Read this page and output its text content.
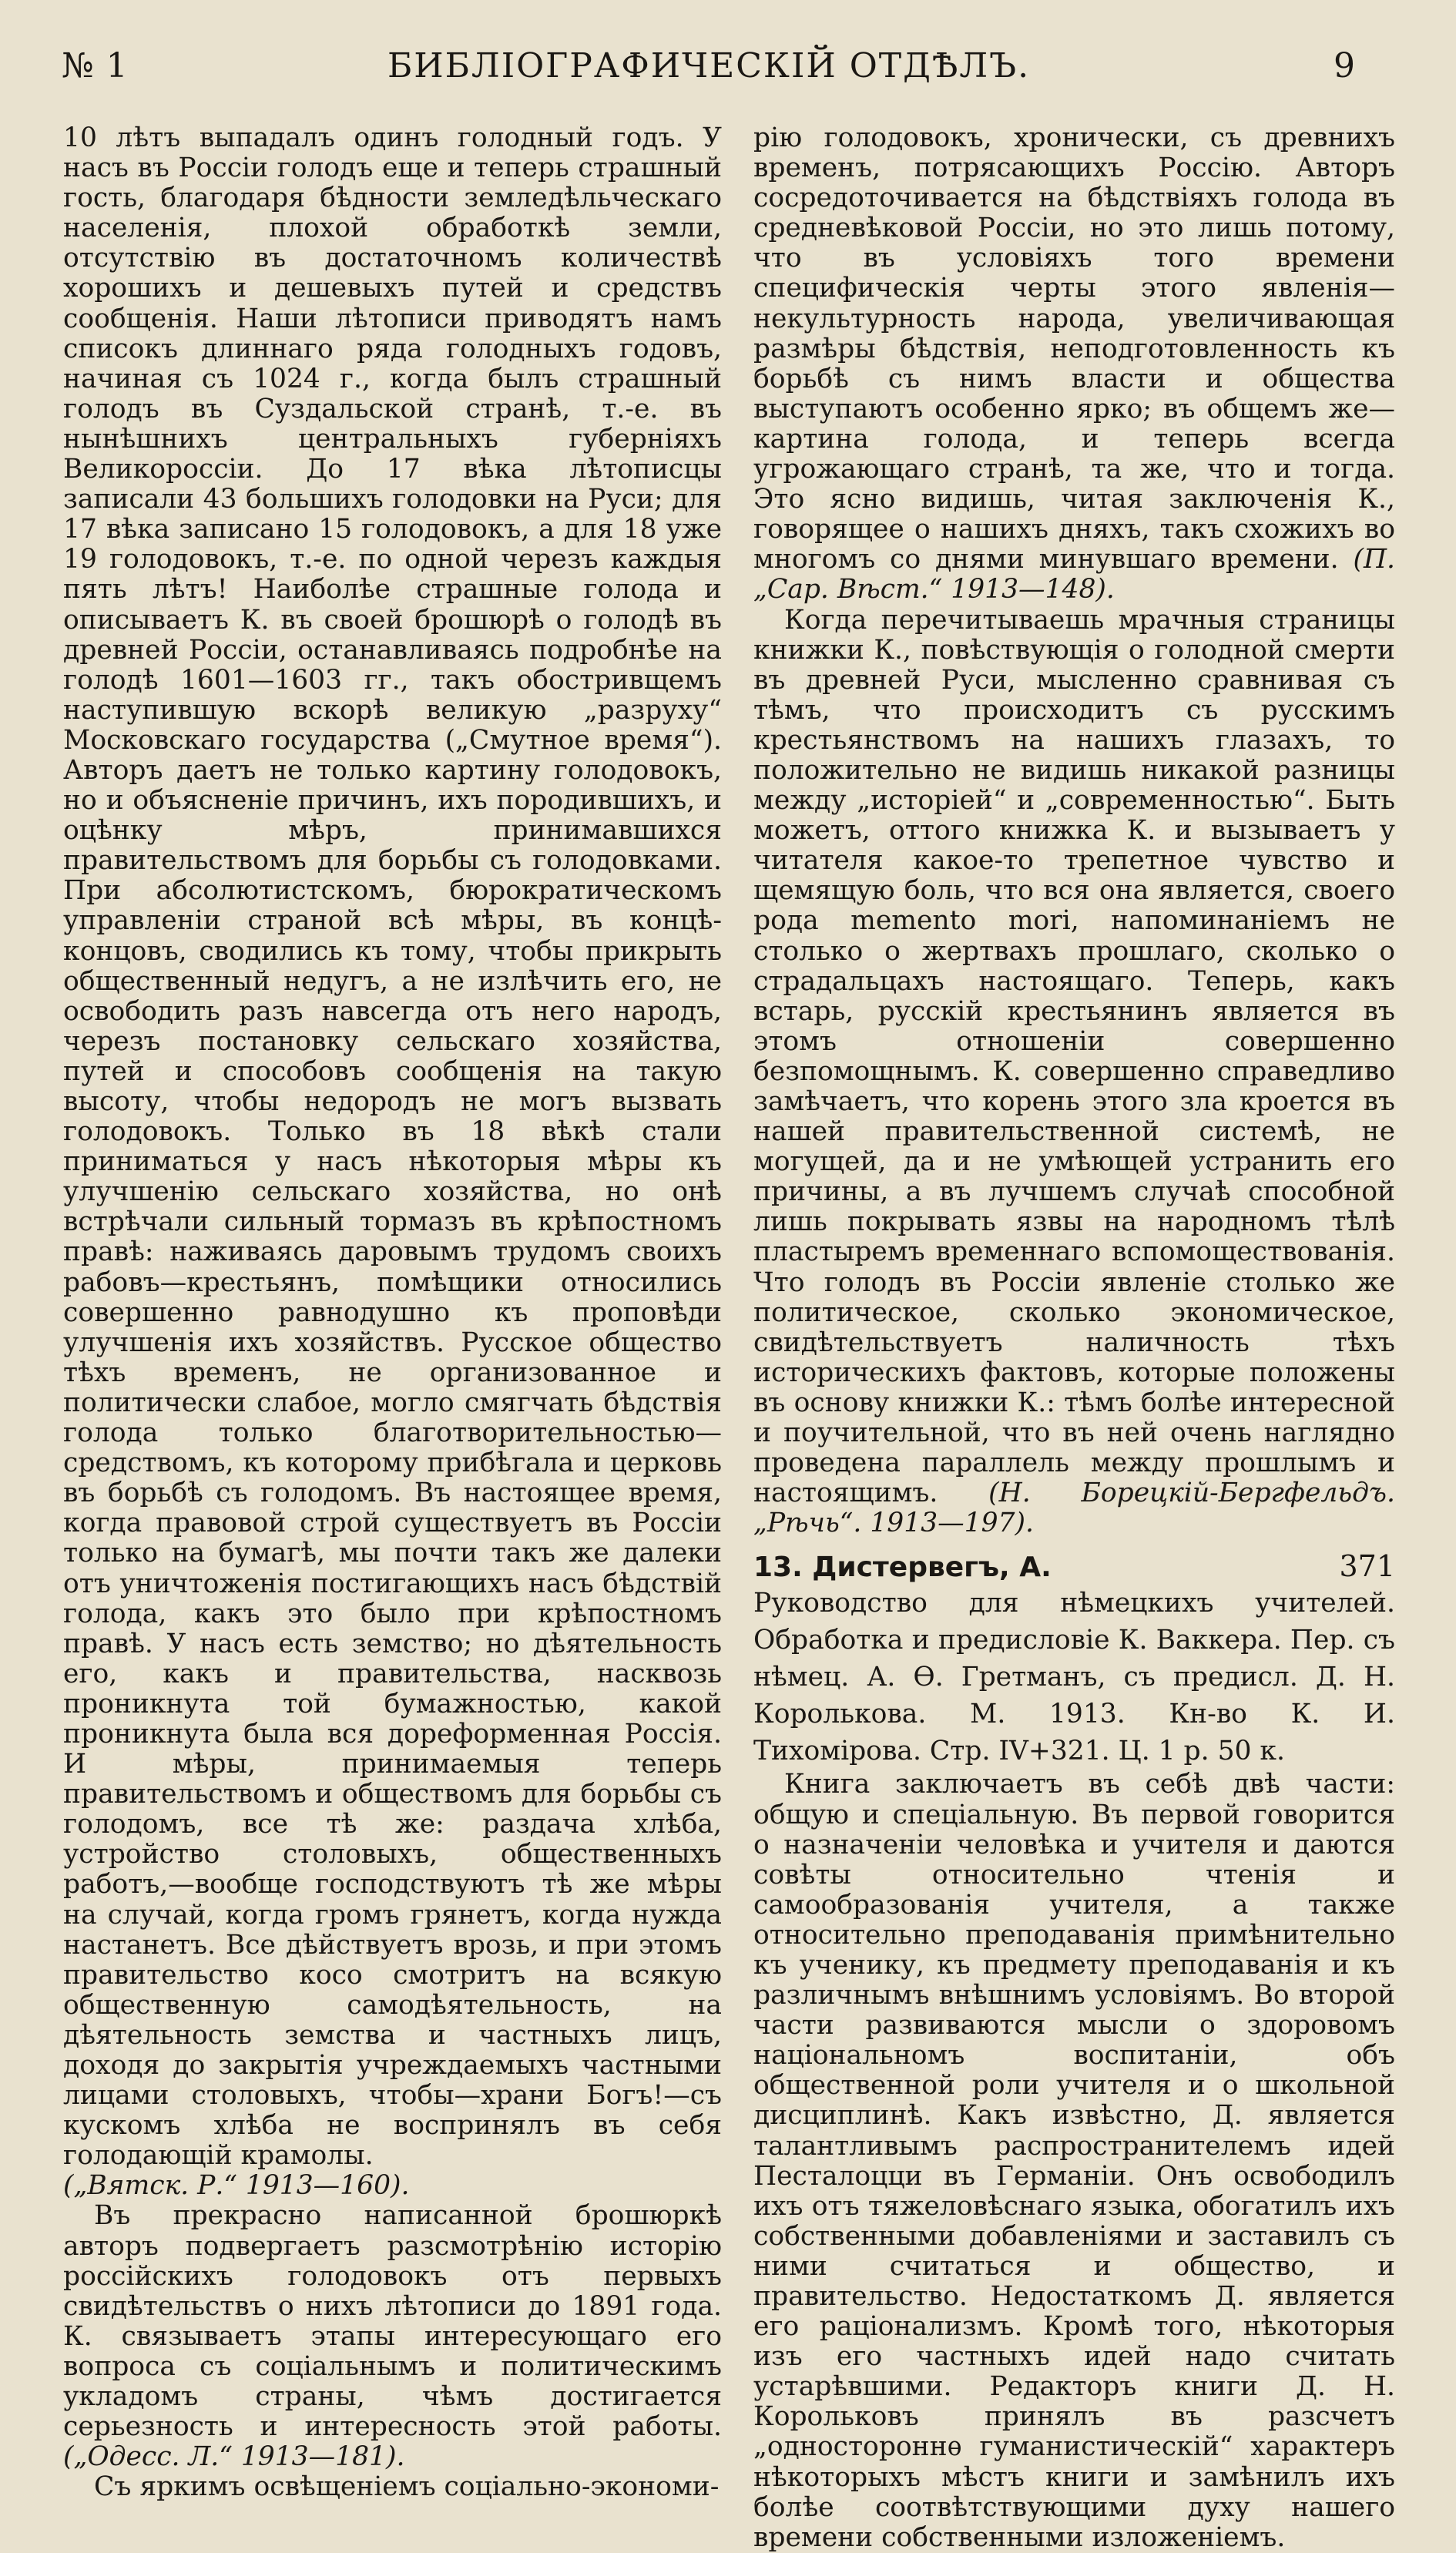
№ 1	БИБЛІОГРАФИЧЕСКІЙ ОТДѢЛЪ.	9

10 лѣтъ выпадалъ одинъ голодный годъ. У насъ въ Россіи голодъ еще и теперь страшный гость, благодаря бѣдности земледѣльческаго населенія, плохой обработкѣ земли, отсутствію въ достаточномъ количествѣ хорошихъ и дешевыхъ путей и средствъ сообщенія. Наши лѣтописи приводятъ намъ списокъ длиннаго ряда голодныхъ годовъ, начиная съ 1024 г., когда былъ страшный голодъ въ Суздальской странѣ, т.-е. въ нынѣшнихъ центральныхъ губерніяхъ Великороссіи. До 17 вѣка лѣтописцы записали 43 большихъ голодовки на Руси; для 17 вѣка записано 15 голодовокъ, а для 18 уже 19 голодовокъ, т.-е. по одной черезъ каждыя пять лѣтъ! Наиболѣе страшные голода и описываетъ К. въ своей брошюрѣ о голодѣ въ древней Россіи, останавливаясь подробнѣе на голодѣ 1601—1603 гг., такъ обостривщемъ наступившую вскорѣ великую „разруху“ Московскаго государства („Смутное время“). Авторъ даетъ не только картину голодовокъ, но и объясненіе причинъ, ихъ породившихъ, и оцѣнку мѣръ, принимавшихся правительствомъ для борьбы съ голодовками. При абсолютистскомъ, бюрократическомъ управленіи страной всѣ мѣры, въ концѣ-концовъ, сводились къ тому, чтобы прикрыть общественный недугъ, а не излѣчить его, не освободить разъ навсегда отъ него народъ, черезъ постановку сельскаго хозяйства, путей и способовъ сообщенія на такую высоту, чтобы недородъ не могъ вызвать голодовокъ. Только въ 18 вѣкѣ стали приниматься у насъ нѣкоторыя мѣры къ улучшенію сельскаго хозяйства, но онѣ встрѣчали сильный тормазъ въ крѣпостномъ правѣ: наживаясь даровымъ трудомъ своихъ рабовъ—крестьянъ, помѣщики относились совершенно равнодушно къ проповѣди улучшенія ихъ хозяйствъ. Русское общество тѣхъ временъ, не организованное и политически слабое, могло смягчать бѣдствія голода только благотворительностью—средствомъ, къ которому прибѣгала и церковь въ борьбѣ съ голодомъ. Въ настоящее время, когда правовой строй существуетъ въ Россіи только на бумагѣ, мы почти такъ же далеки отъ уничтоженія постигающихъ насъ бѣдствій голода, какъ это было при крѣпостномъ правѣ. У насъ есть земство; но дѣятельность его, какъ и правительства, насквозь проникнута той бумажностью, какой проникнута была вся дореформенная Россія. И мѣры, принимаемыя теперь правительствомъ и обществомъ для борьбы съ голодомъ, все тѣ же: раздача хлѣба, устройство столовыхъ, общественныхъ работъ,—вообще господствуютъ тѣ же мѣры на случай, когда громъ грянетъ, когда нужда настанетъ. Все дѣйствуетъ врозь, и при этомъ правительство косо смотритъ на всякую общественную самодѣятельность, на дѣятельность земства и частныхъ лицъ, доходя до закрытія учреждаемыхъ частными лицами столовыхъ, чтобы—храни Богъ!—съ кускомъ хлѣба не воспринялъ въ себя голодающій крамолы.

(„Вятск. Р.“ 1913—160).

Въ прекрасно написанной брошюркѣ авторъ подвергаетъ разсмотрѣнію исторію россійскихъ голодовокъ отъ первыхъ свидѣтельствъ о нихъ лѣтописи до 1891 года. К. связываетъ этапы интересующаго его вопроса съ соціальнымъ и политическимъ укладомъ страны, чѣмъ достигается серьезность и интересность этой работы. („Одесс. Л.“ 1913—181).

Съ яркимъ освѣщеніемъ соціально-экономи-

рію голодовокъ, хронически, съ древнихъ временъ, потрясающихъ Россію. Авторъ сосредоточивается на бѣдствіяхъ голода въ средневѣковой Россіи, но это лишь потому, что въ условіяхъ того времени специфическія черты этого явленія—некультурность народа, увеличивающая размѣры бѣдствія, неподготовленность къ борьбѣ съ нимъ власти и общества выступаютъ особенно ярко; въ общемъ же—картина голода, и теперь всегда угрожающаго странѣ, та же, что и тогда. Это ясно видишь, читая заключенія К., говорящее о нашихъ дняхъ, такъ схожихъ во многомъ со днями минувшаго времени. (П. „Сар. Вѣст.“ 1913—148).

Когда перечитываешь мрачныя страницы книжки К., повѣствующія о голодной смерти въ древней Руси, мысленно сравнивая съ тѣмъ, что происходитъ съ русскимъ крестьянствомъ на нашихъ глазахъ, то положительно не видишь никакой разницы между „исторіей“ и „современностью“. Быть можетъ, оттого книжка К. и вызываетъ у читателя какое-то трепетное чувство и щемящую боль, что вся она является, своего рода memento mori, напоминаніемъ не столько о жертвахъ прошлаго, сколько о страдальцахъ настоящаго. Теперь, какъ встарь, русскій крестьянинъ является въ этомъ отношеніи совершенно безпомощнымъ. К. совершенно справедливо замѣчаетъ, что корень этого зла кроется въ нашей правительственной системѣ, не могущей, да и не умѣющей устранить его причины, а въ лучшемъ случаѣ способной лишь покрывать язвы на народномъ тѣлѣ пластыремъ временнаго вспомоществованія. Что голодъ въ Россіи явленіе столько же политическое, сколько экономическое, свидѣтельствуетъ наличность тѣхъ историческихъ фактовъ, которые положены въ основу книжки К.: тѣмъ болѣе интересной и поучительной, что въ ней очень наглядно проведена параллель между прошлымъ и настоящимъ. (Н. Борецкій-Бергфельдъ. „Рѣчь“. 1913—197).

13. Дистервегъ, А.	371

Руководство для нѣмецкихъ учителей. Обработка и предисловіе К. Ваккера. Пер. съ нѣмец. А. Ѳ. Гретманъ, съ предисл. Д. Н. Королькова. М. 1913. Кн-во К. И. Тихомірова. Стр. IV+321. Ц. 1 р. 50 к.

Книга заключаетъ въ себѣ двѣ части: общую и спеціальную. Въ первой говорится о назначеніи человѣка и учителя и даются совѣты относительно чтенія и самообразованія учителя, а также относительно преподаванія примѣнительно къ ученику, къ предмету преподаванія и къ различнымъ внѣшнимъ условіямъ. Во второй части развиваются мысли о здоровомъ національномъ воспитаніи, объ общественной роли учителя и о школьной дисциплинѣ. Какъ извѣстно, Д. является талантливымъ распространителемъ идей Песталоцци въ Германіи. Онъ освободилъ ихъ отъ тяжеловѣснаго языка, обогатилъ ихъ собственными добавленіями и заставилъ съ ними считаться и общество, и правительство. Недостаткомъ Д. является его раціонализмъ. Кромѣ того, нѣкоторыя изъ его частныхъ идей надо считать устарѣвшими. Редакторъ книги Д. Н. Корольковъ принялъ въ разсчетъ „одностороннѳ гуманистическій“ характеръ нѣкоторыхъ мѣстъ книги и замѣнилъ ихъ болѣе соотвѣтствующими духу нашего времени собственными изложеніемъ.
